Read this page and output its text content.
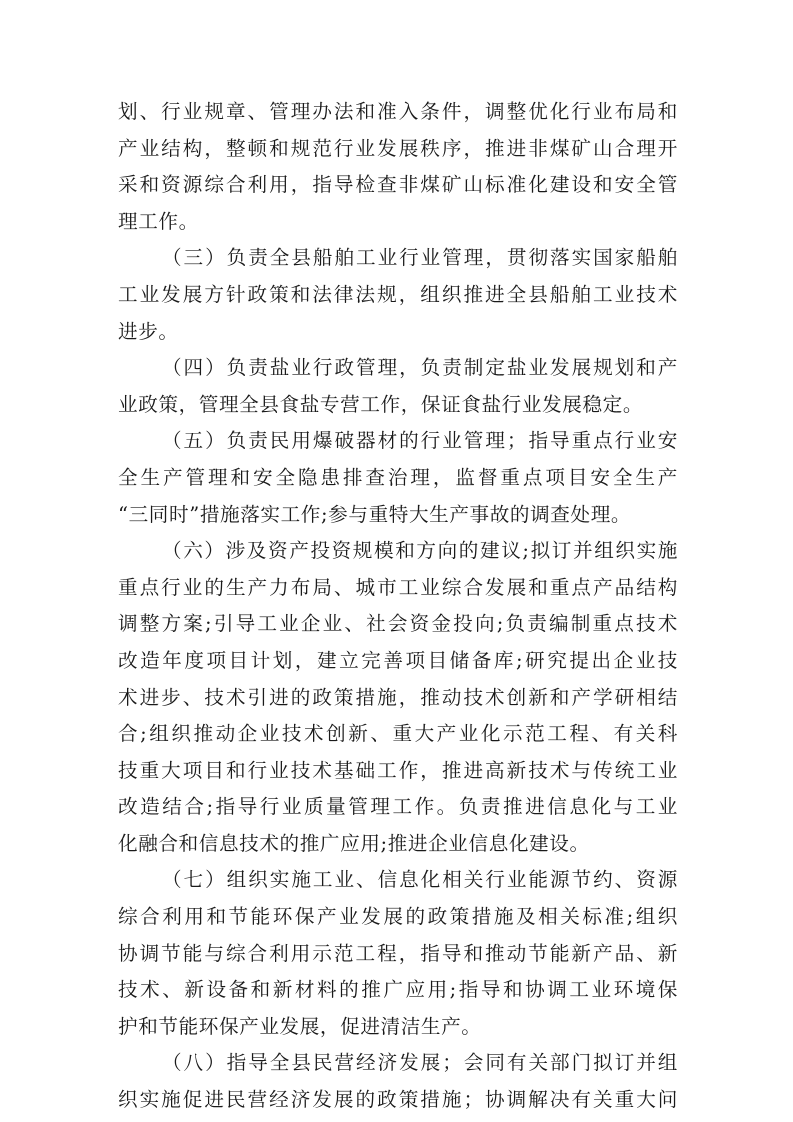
划、行业规章、管理办法和准入条件，调整优化行业布局和
产业结构，整顿和规范行业发展秩序，推进非煤矿山合理开
采和资源综合利用，指导检查非煤矿山标准化建设和安全管
理工作。
（三）负责全县船舶工业行业管理，贯彻落实国家船舶
工业发展方针政策和法律法规，组织推进全县船舶工业技术
进步。
（四）负责盐业行政管理，负责制定盐业发展规划和产
业政策，管理全县食盐专营工作，保证食盐行业发展稳定。
（五）负责民用爆破器材的行业管理；指导重点行业安
全生产管理和安全隐患排查治理，监督重点项目安全生产
“三同时”措施落实工作;参与重特大生产事故的调查处理。
（六）涉及资产投资规模和方向的建议;拟订并组织实施
重点行业的生产力布局、城市工业综合发展和重点产品结构
调整方案;引导工业企业、社会资金投向;负责编制重点技术
改造年度项目计划，建立完善项目储备库;研究提出企业技
术进步、技术引进的政策措施，推动技术创新和产学研相结
合;组织推动企业技术创新、重大产业化示范工程、有关科
技重大项目和行业技术基础工作，推进高新技术与传统工业
改造结合;指导行业质量管理工作。负责推进信息化与工业
化融合和信息技术的推广应用;推进企业信息化建设。
（七）组织实施工业、信息化相关行业能源节约、资源
综合利用和节能环保产业发展的政策措施及相关标准;组织
协调节能与综合利用示范工程，指导和推动节能新产品、新
技术、新设备和新材料的推广应用;指导和协调工业环境保
护和节能环保产业发展，促进清洁生产。
（八）指导全县民营经济发展；会同有关部门拟订并组
织实施促进民营经济发展的政策措施；协调解决有关重大问
